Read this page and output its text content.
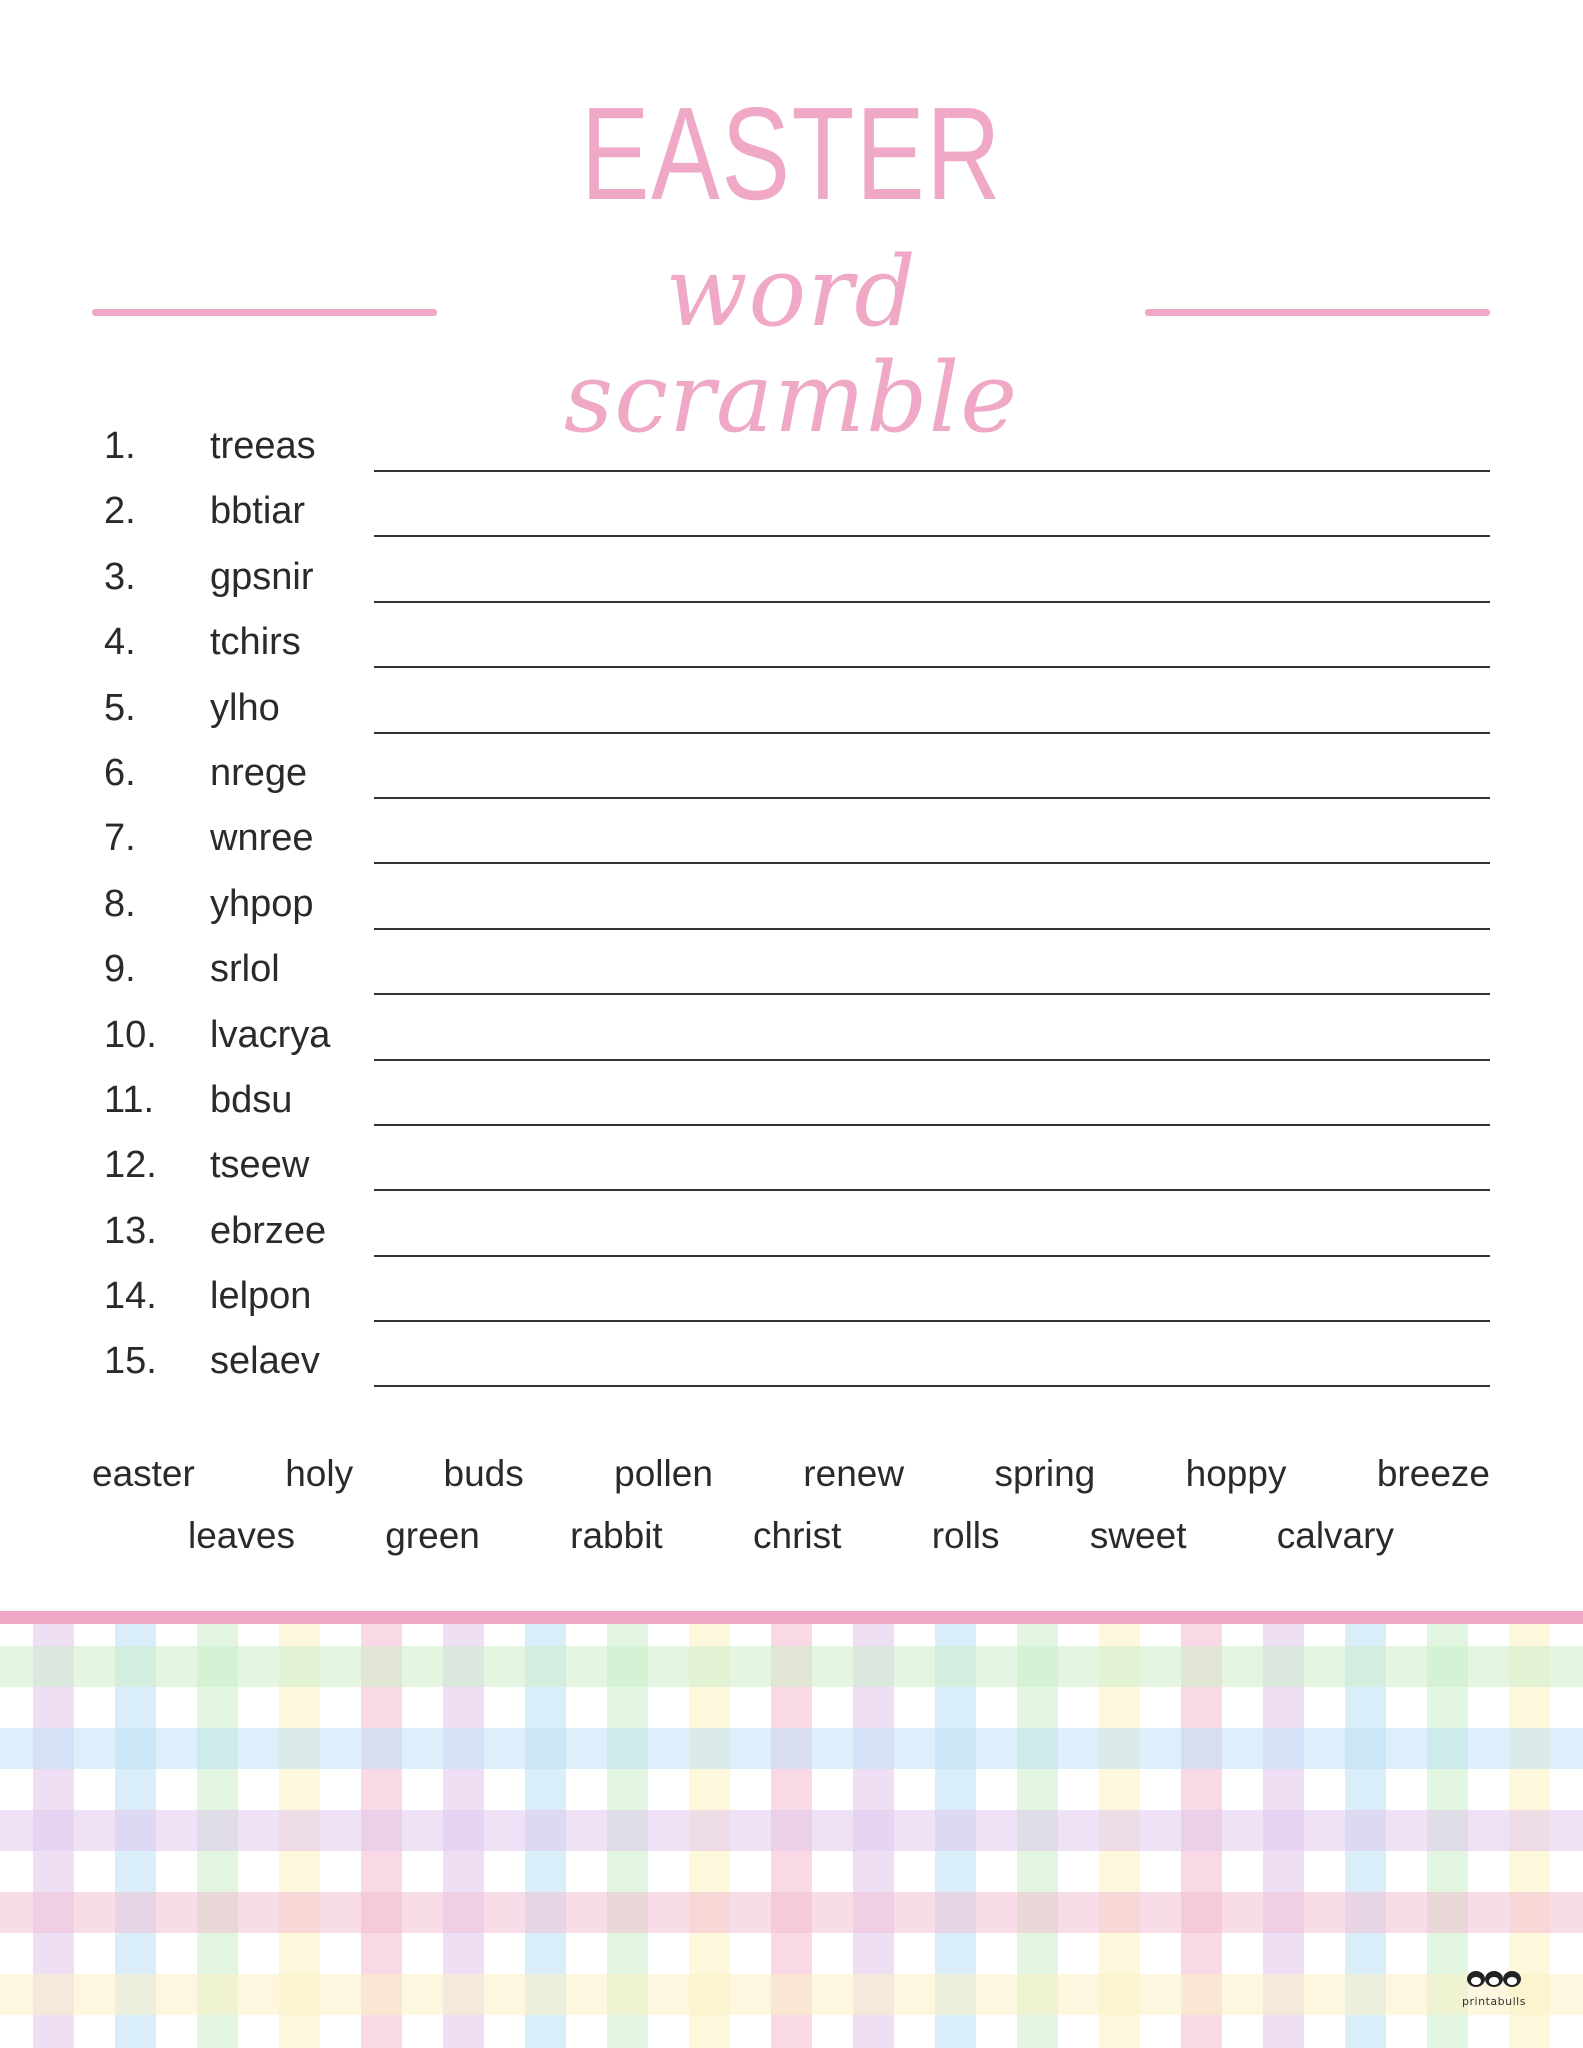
EASTER
word scramble
1. treeas
2. bbtiar
3. gpsnir
4. tchirs
5. ylho
6. nrege
7. wnree
8. yhpop
9. srlol
10. lvacrya
11. bdsu
12. tseew
13. ebrzee
14. lelpon
15. selaev
easter holy buds pollen renew spring hoppy breeze
leaves green rabbit christ rolls sweet calvary
printabulls
